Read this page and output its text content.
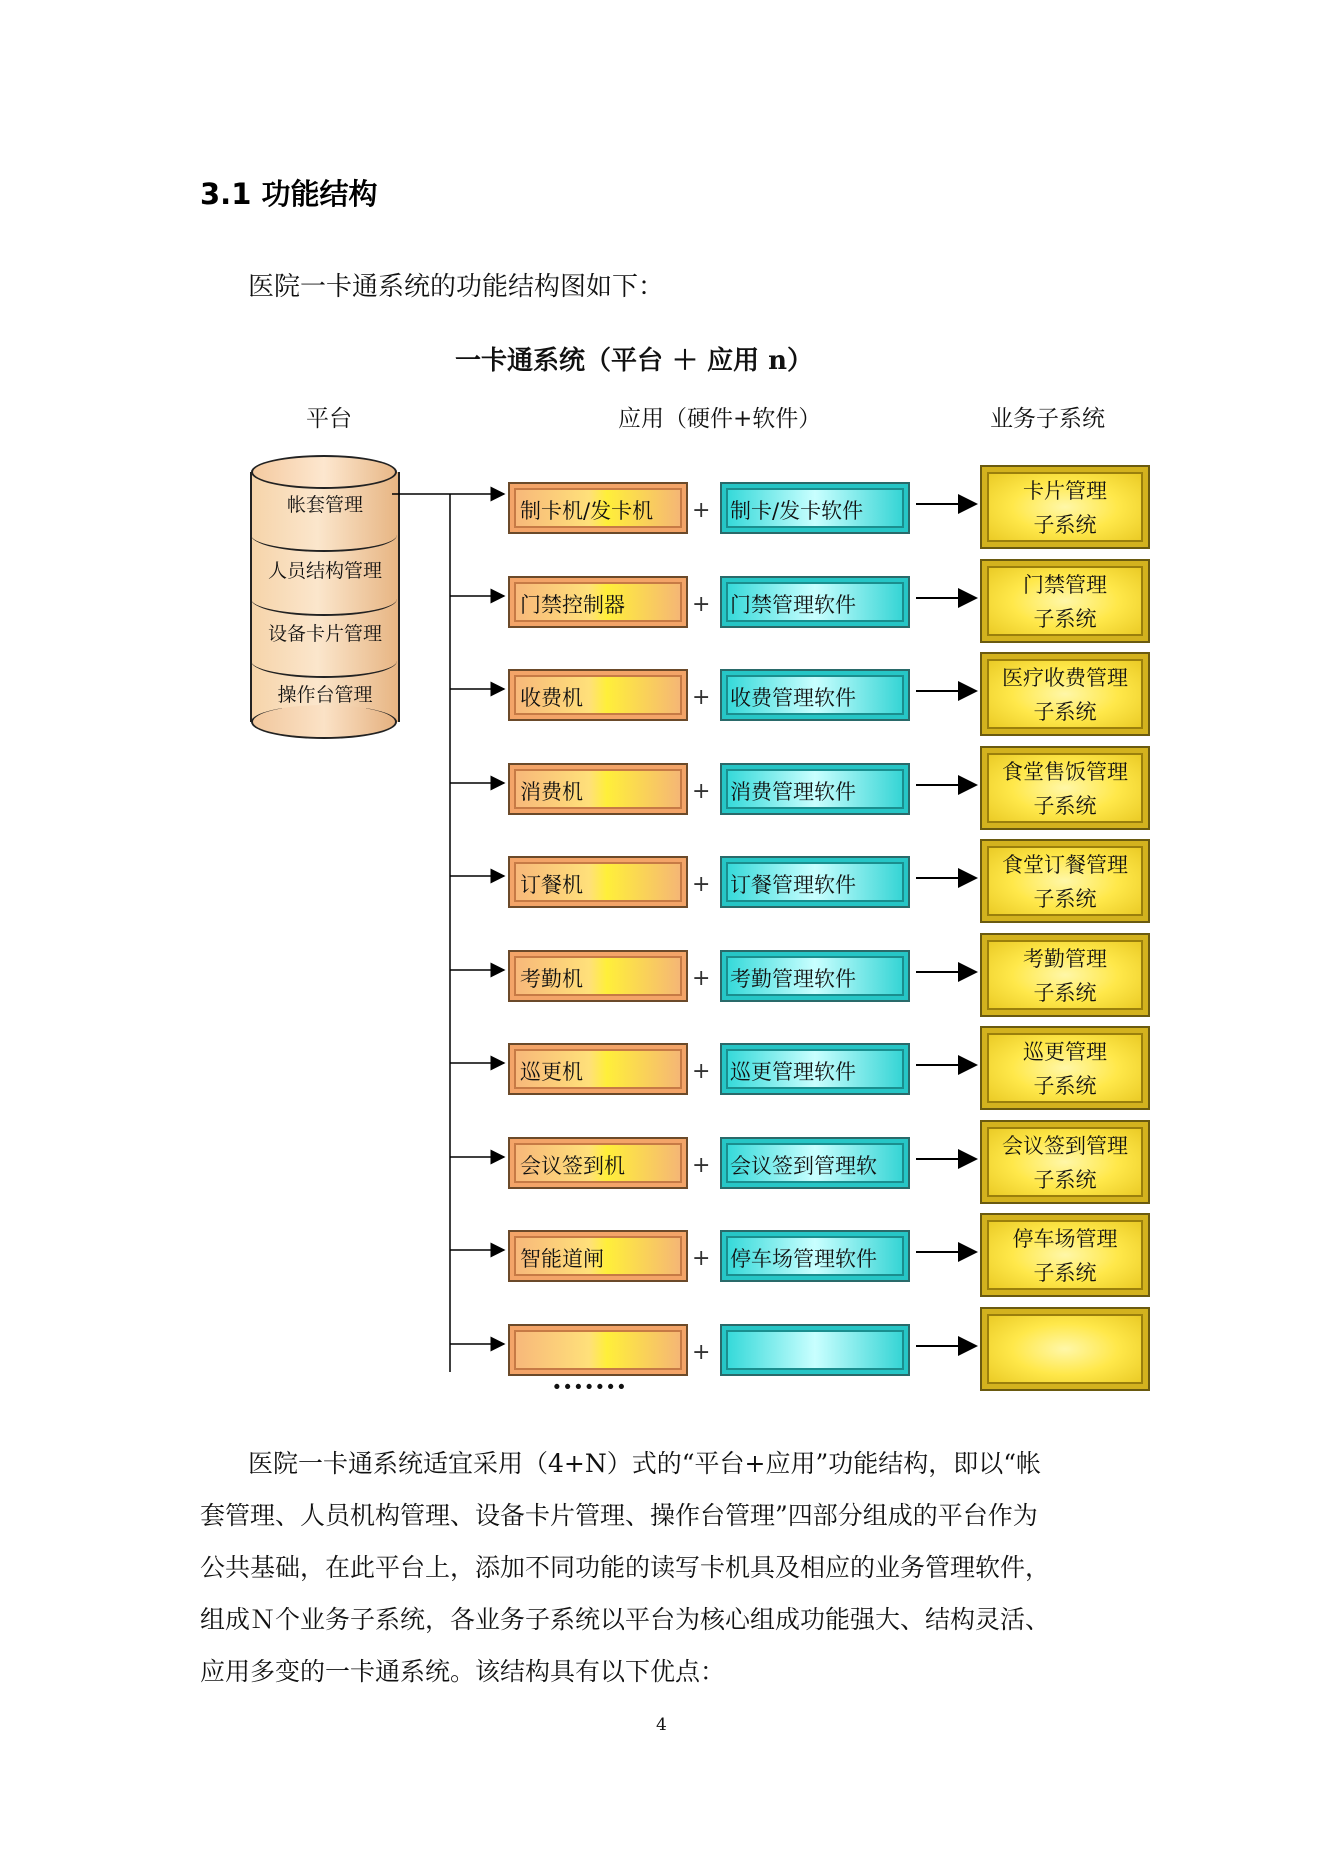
3.1 功能结构
医院一卡通系统的功能结构图如下：
一卡通系统（平台 ＋ 应用 n）
平台	应用（硬件+软件）	业务子系统
帐套管理
人员结构管理
设备卡片管理
操作台管理
制卡机/发卡机	+ 制卡/发卡软件
卡片管理
子系统
门禁控制器	+ 门禁管理软件
门禁管理
子系统
收费机	+ 收费管理软件
医疗收费管理
子系统
消费机	+ 消费管理软件
食堂售饭管理
子系统
订餐机	+ 订餐管理软件
食堂订餐管理
子系统
考勤机	+ 考勤管理软件
考勤管理
子系统
巡更机	+ 巡更管理软件
巡更管理
子系统
会议签到机	+ 会议签到管理软
会议签到管理
子系统
智能道闸	+ 停车场管理软件
停车场管理
子系统
+
·······

医院一卡通系统适宜采用（4+N）式的“平台+应用”功能结构，即以“帐

套管理、人员机构管理、设备卡片管理、操作台管理”四部分组成的平台作为

公共基础，在此平台上，添加不同功能的读写卡机具及相应的业务管理软件，

组成Ｎ个业务子系统，各业务子系统以平台为核心组成功能强大、结构灵活、

应用多变的一卡通系统。该结构具有以下优点：

4
